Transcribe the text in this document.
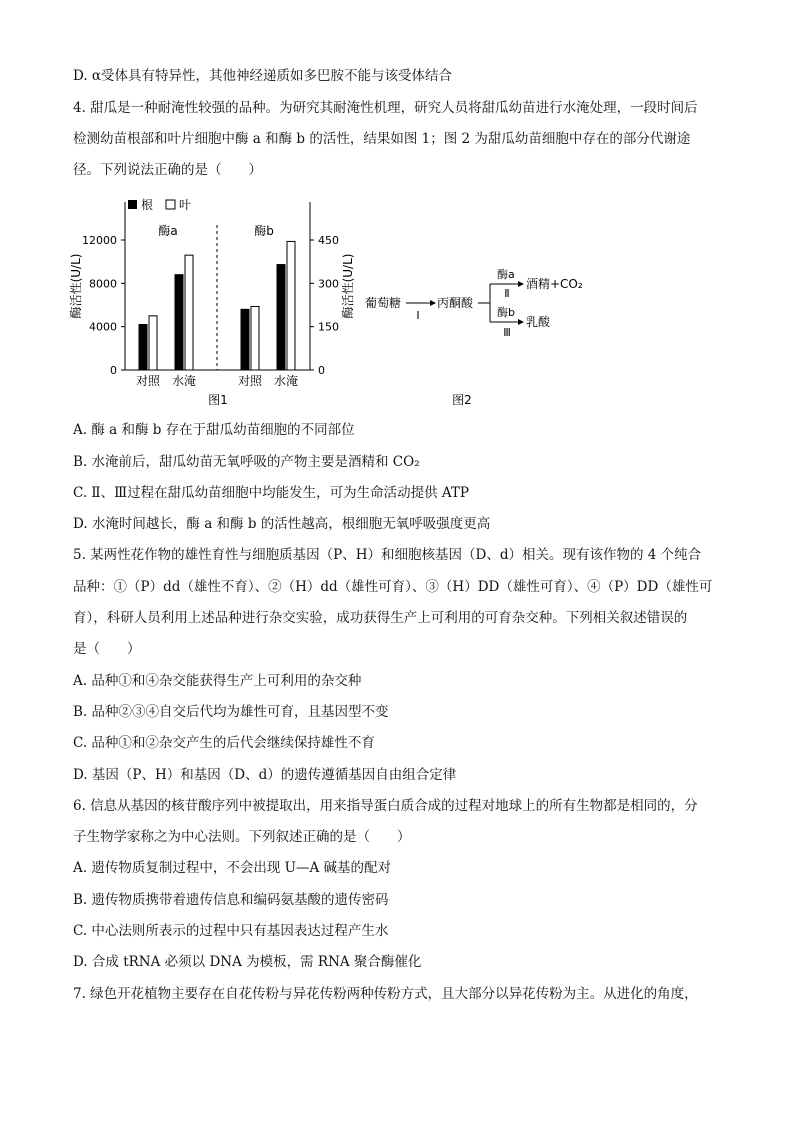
D. α受体具有特异性，其他神经递质如多巴胺不能与该受体结合
4. 甜瓜是一种耐淹性较强的品种。为研究其耐淹性机理，研究人员将甜瓜幼苗进行水淹处理，一段时间后
检测幼苗根部和叶片细胞中酶 a 和酶 b 的活性，结果如图 1；图 2 为甜瓜幼苗细胞中存在的部分代谢途
径。下列说法正确的是（　　）
A. 酶 a 和酶 b 存在于甜瓜幼苗细胞的不同部位
B. 水淹前后，甜瓜幼苗无氧呼吸的产物主要是酒精和 CO₂
C. Ⅱ、Ⅲ过程在甜瓜幼苗细胞中均能发生，可为生命活动提供 ATP
D. 水淹时间越长，酶 a 和酶 b 的活性越高，根细胞无氧呼吸强度更高
5. 某两性花作物的雄性育性与细胞质基因（P、H）和细胞核基因（D、d）相关。现有该作物的 4 个纯合
品种：①（P）dd（雄性不育）、②（H）dd（雄性可育）、③（H）DD（雄性可育）、④（P）DD（雄性可
育），科研人员利用上述品种进行杂交实验，成功获得生产上可利用的可育杂交种。下列相关叙述错误的
是（　　）
A. 品种①和④杂交能获得生产上可利用的杂交种
B. 品种②③④自交后代均为雄性可育，且基因型不变
C. 品种①和②杂交产生的后代会继续保持雄性不育
D. 基因（P、H）和基因（D、d）的遗传遵循基因自由组合定律
6. 信息从基因的核苷酸序列中被提取出，用来指导蛋白质合成的过程对地球上的所有生物都是相同的，分
子生物学家称之为中心法则。下列叙述正确的是（　　）
A. 遗传物质复制过程中，不会出现 U—A 碱基的配对
B. 遗传物质携带着遗传信息和编码氨基酸的遗传密码
C. 中心法则所表示的过程中只有基因表达过程产生水
D. 合成 tRNA 必须以 DNA 为模板，需 RNA 聚合酶催化
7. 绿色开花植物主要存在自花传粉与异花传粉两种传粉方式，且大部分以异花传粉为主。从进化的角度，
0
4000
8000
12000
0
150
300
450
酶活性(U/L)	酶活性(U/L)
根 叶
酶a	酶b
对照 水淹	对照 水淹
图1
葡萄糖
Ⅰ
丙酮酸
酶a
Ⅱ
酒精+CO₂
酶b
Ⅲ
乳酸
图2
